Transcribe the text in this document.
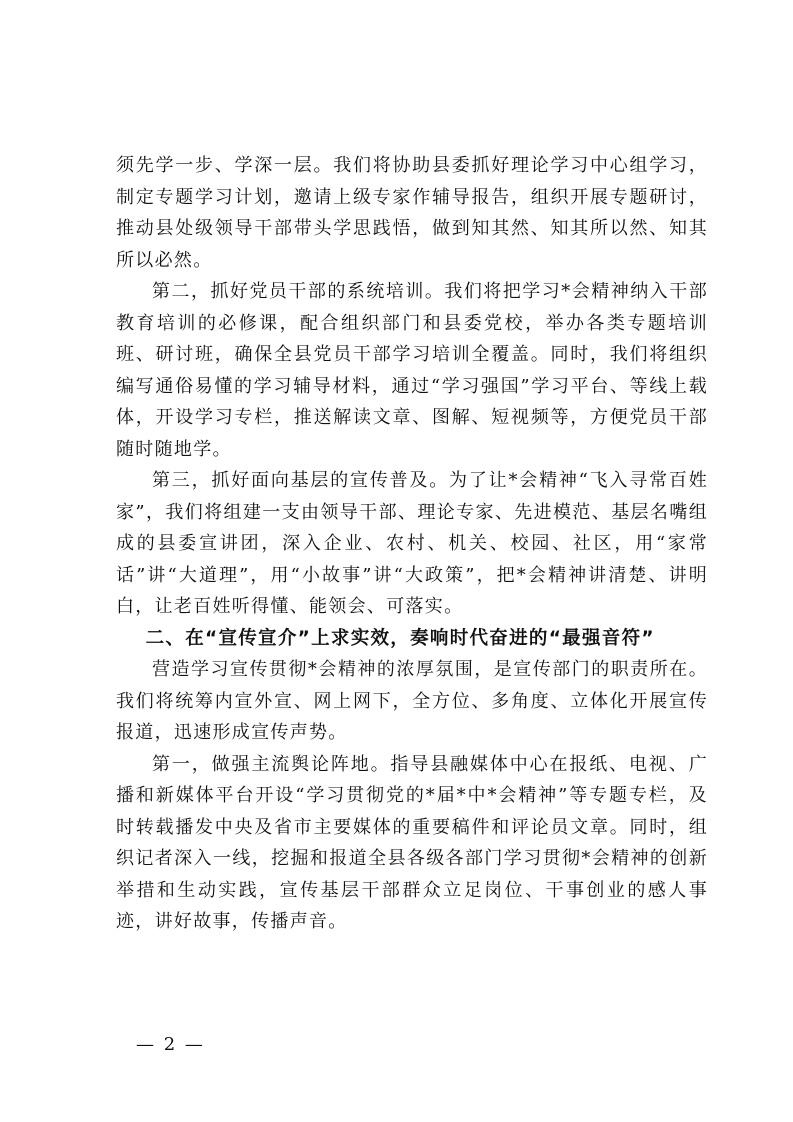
须先学一步、学深一层。我们将协助县委抓好理论学习中心组学习，制定专题学习计划，邀请上级专家作辅导报告，组织开展专题研讨，推动县处级领导干部带头学思践悟，做到知其然、知其所以然、知其所以必然。

第二，抓好党员干部的系统培训。我们将把学习*会精神纳入干部教育培训的必修课，配合组织部门和县委党校，举办各类专题培训班、研讨班，确保全县党员干部学习培训全覆盖。同时，我们将组织编写通俗易懂的学习辅导材料，通过“学习强国”学习平台、等线上载体，开设学习专栏，推送解读文章、图解、短视频等，方便党员干部随时随地学。

第三，抓好面向基层的宣传普及。为了让*会精神“飞入寻常百姓家”，我们将组建一支由领导干部、理论专家、先进模范、基层名嘴组成的县委宣讲团，深入企业、农村、机关、校园、社区，用“家常话”讲“大道理”，用“小故事”讲“大政策”，把*会精神讲清楚、讲明白，让老百姓听得懂、能领会、可落实。

二、在“宣传宣介”上求实效，奏响时代奋进的“最强音符”

营造学习宣传贯彻*会精神的浓厚氛围，是宣传部门的职责所在。我们将统筹内宣外宣、网上网下，全方位、多角度、立体化开展宣传报道，迅速形成宣传声势。

第一，做强主流舆论阵地。指导县融媒体中心在报纸、电视、广播和新媒体平台开设“学习贯彻党的*届*中*会精神”等专题专栏，及时转载播发中央及省市主要媒体的重要稿件和评论员文章。同时，组织记者深入一线，挖掘和报道全县各级各部门学习贯彻*会精神的创新举措和生动实践，宣传基层干部群众立足岗位、干事创业的感人事迹，讲好故事，传播声音。

— 2 —
